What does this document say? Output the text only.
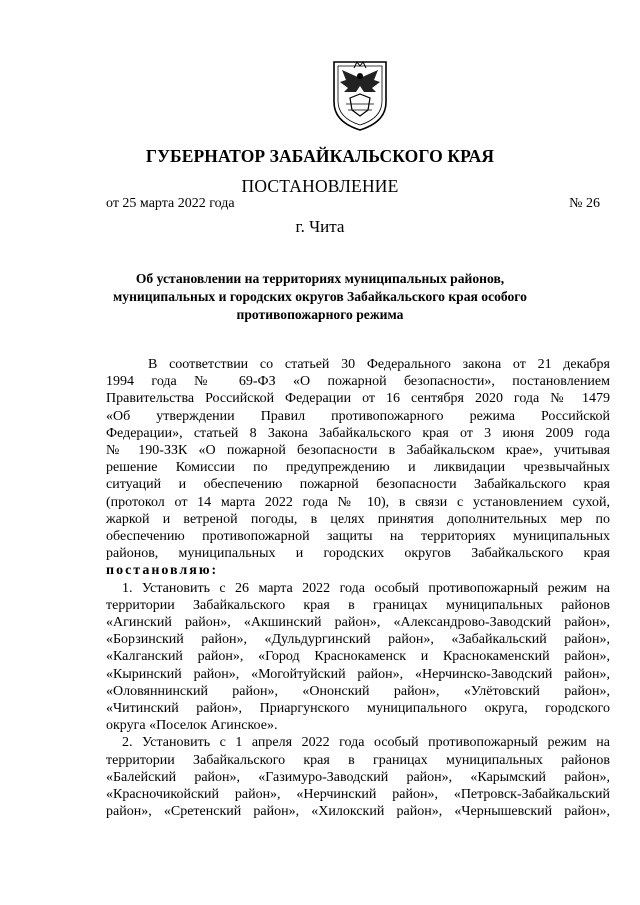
ГУБЕРНАТОР ЗАБАЙКАЛЬСКОГО КРАЯ
ПОСТАНОВЛЕНИЕ
от 25 марта 2022 года	№ 26
г. Чита
Об установлении на территориях муниципальных районов,
муниципальных и городских округов Забайкальского края особого
противопожарного режима
В соответствии со статьей 30 Федерального закона от 21 декабря
1994 года № 69-ФЗ «О пожарной безопасности», постановлением
Правительства Российской Федерации от 16 сентября 2020 года № 1479
«Об утверждении Правил противопожарного режима Российской
Федерации», статьей 8 Закона Забайкальского края от 3 июня 2009 года
№ 190-ЗЗК «О пожарной безопасности в Забайкальском крае», учитывая
решение Комиссии по предупреждению и ликвидации чрезвычайных
ситуаций и обеспечению пожарной безопасности Забайкальского края
(протокол от 14 марта 2022 года № 10), в связи с установлением сухой,
жаркой и ветреной погоды, в целях принятия дополнительных мер по
обеспечению противопожарной защиты на территориях муниципальных
районов, муниципальных и городских округов Забайкальского края
постановляю:
1. Установить с 26 марта 2022 года особый противопожарный режим на
территории Забайкальского края в границах муниципальных районов
«Агинский район», «Акшинский район», «Александрово-Заводский район»,
«Борзинский район», «Дульдургинский район», «Забайкальский район»,
«Калганский район», «Город Краснокаменск и Краснокаменский район»,
«Кыринский район», «Могойтуйский район», «Нерчинско-Заводский район»,
«Оловяннинский район», «Ононский район», «Улётовский район»,
«Читинский район», Приаргунского муниципального округа, городского
округа «Поселок Агинское».
2. Установить с 1 апреля 2022 года особый противопожарный режим на
территории Забайкальского края в границах муниципальных районов
«Балейский район», «Газимуро-Заводский район», «Карымский район»,
«Красночикойский район», «Нерчинский район», «Петровск-Забайкальский
район», «Сретенский район», «Хилокский район», «Чернышевский район»,
